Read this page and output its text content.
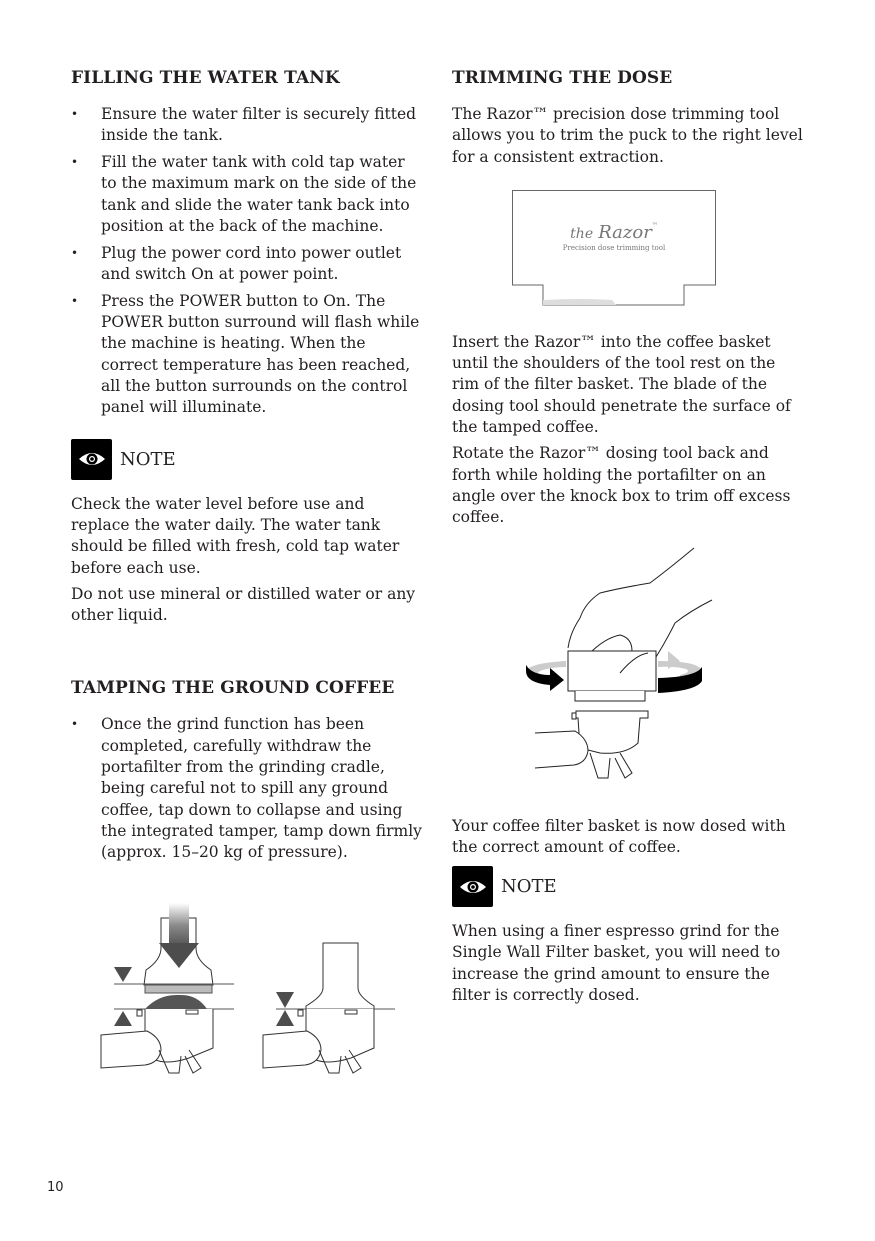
FILLING THE WATER TANK
• Ensure the water filter is securely fitted inside the tank.
• Fill the water tank with cold tap water to the maximum mark on the side of the tank and slide the water tank back into position at the back of the machine.
• Plug the power cord into power outlet and switch On at power point.
• Press the POWER button to On. The POWER button surround will flash while the machine is heating. When the correct temperature has been reached, all the button surrounds on the control panel will illuminate.
NOTE

Check the water level before use and replace the water daily. The water tank should be filled with fresh, cold tap water before each use.

Do not use mineral or distilled water or any other liquid.

TAMPING THE GROUND COFFEE
• Once the grind function has been completed, carefully withdraw the portafilter from the grinding cradle, being careful not to spill any ground coffee, tap down to collapse and using the integrated tamper, tamp down firmly (approx. 15–20 kg of pressure).
TRIMMING THE DOSE

The Razor™ precision dose trimming tool allows you to trim the puck to the right level for a consistent extraction.

the Razor™
Precision dose trimming tool

Insert the Razor™ into the coffee basket until the shoulders of the tool rest on the rim of the filter basket. The blade of the dosing tool should penetrate the surface of the tamped coffee.

Rotate the Razor™ dosing tool back and forth while holding the portafilter on an angle over the knock box to trim off excess coffee.

Your coffee filter basket is now dosed with the correct amount of coffee.

NOTE

When using a finer espresso grind for the Single Wall Filter basket, you will need to increase the grind amount to ensure the filter is correctly dosed.

10
